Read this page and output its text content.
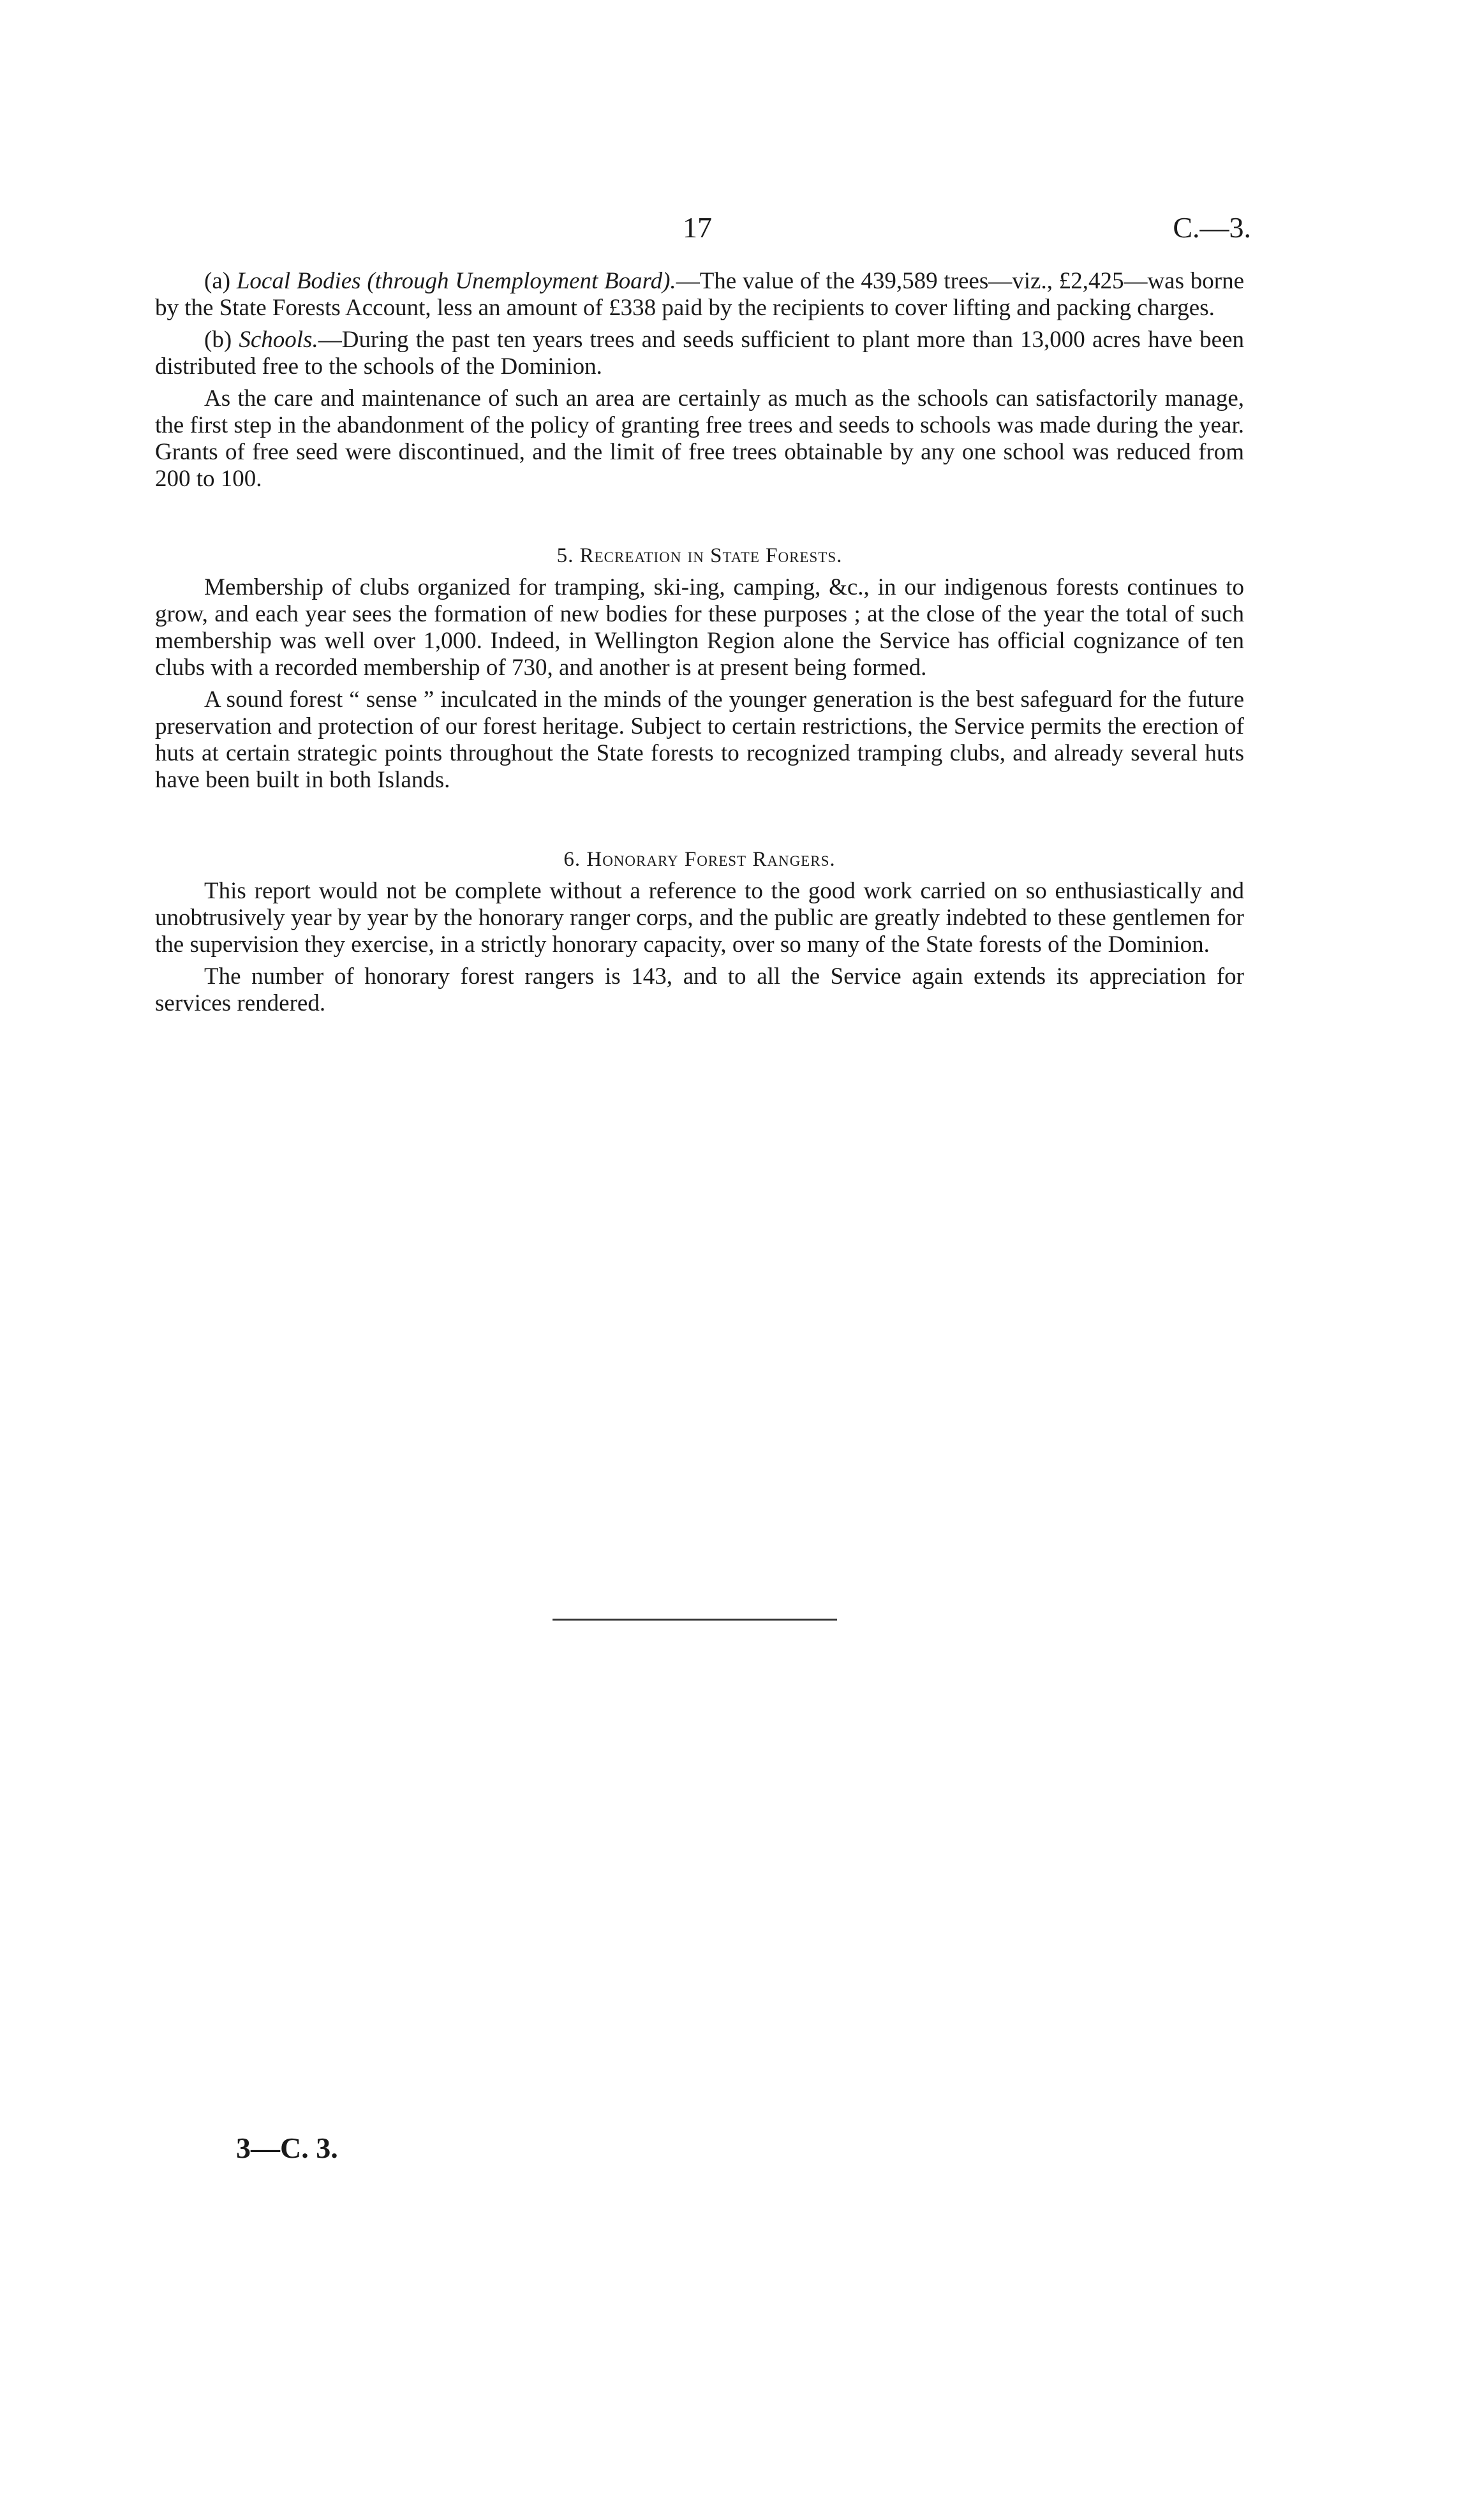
17	C.—3.

(a) Local Bodies (through Unemployment Board).—The value of the 439,589 trees—viz., £2,425—was borne by the State Forests Account, less an amount of £338 paid by the recipients to cover lifting and packing charges.

(b) Schools.—During the past ten years trees and seeds sufficient to plant more than 13,000 acres have been distributed free to the schools of the Dominion.

As the care and maintenance of such an area are certainly as much as the schools can satisfactorily manage, the first step in the abandonment of the policy of granting free trees and seeds to schools was made during the year. Grants of free seed were discontinued, and the limit of free trees obtainable by any one school was reduced from 200 to 100.

5. Recreation in State Forests.

Membership of clubs organized for tramping, ski-ing, camping, &c., in our indigenous forests continues to grow, and each year sees the formation of new bodies for these purposes ; at the close of the year the total of such membership was well over 1,000. Indeed, in Wellington Region alone the Service has official cognizance of ten clubs with a recorded membership of 730, and another is at present being formed.

A sound forest “ sense ” inculcated in the minds of the younger generation is the best safeguard for the future preservation and protection of our forest heritage. Subject to certain restrictions, the Service permits the erection of huts at certain strategic points throughout the State forests to recognized tramping clubs, and already several huts have been built in both Islands.

6. Honorary Forest Rangers.

This report would not be complete without a reference to the good work carried on so enthusiastically and unobtrusively year by year by the honorary ranger corps, and the public are greatly indebted to these gentlemen for the supervision they exercise, in a strictly honorary capacity, over so many of the State forests of the Dominion.

The number of honorary forest rangers is 143, and to all the Service again extends its appreciation for services rendered.

3—C. 3.
